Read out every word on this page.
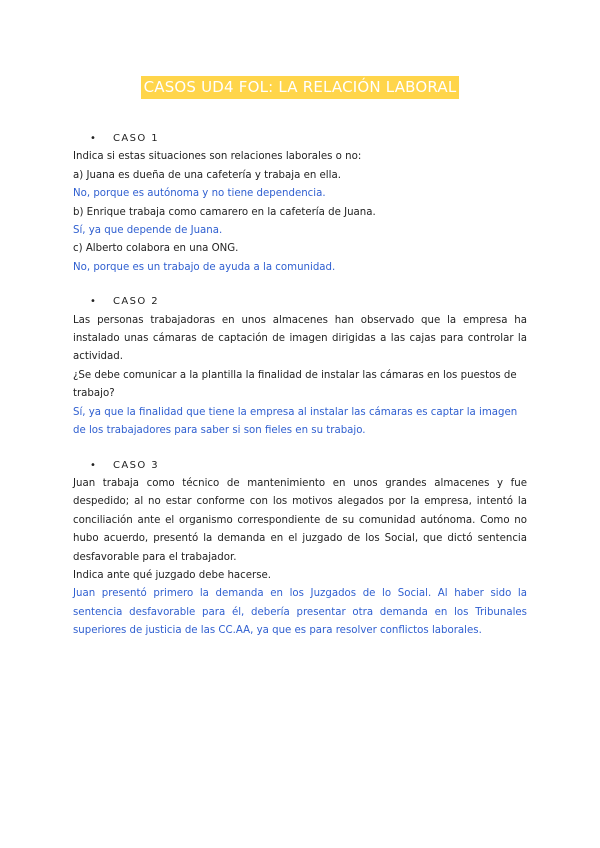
CASOS UD4 FOL: LA RELACIÓN LABORAL

• CASO 1

Indica si estas situaciones son relaciones laborales o no:

a) Juana es dueña de una cafetería y trabaja en ella.

No, porque es autónoma y no tiene dependencia.

b) Enrique trabaja como camarero en la cafetería de Juana.

Sí, ya que depende de Juana.

c) Alberto colabora en una ONG.

No, porque es un trabajo de ayuda a la comunidad.

• CASO 2

Las personas trabajadoras en unos almacenes han observado que la empresa ha instalado unas cámaras de captación de imagen dirigidas a las cajas para controlar la actividad.

¿Se debe comunicar a la plantilla la finalidad de instalar las cámaras en los puestos de trabajo?

Sí, ya que la finalidad que tiene la empresa al instalar las cámaras es captar la imagen de los trabajadores para saber si son fieles en su trabajo.

• CASO 3

Juan trabaja como técnico de mantenimiento en unos grandes almacenes y fue despedido; al no estar conforme con los motivos alegados por la empresa, intentó la conciliación ante el organismo correspondiente de su comunidad autónoma. Como no hubo acuerdo, presentó la demanda en el juzgado de los Social, que dictó sentencia desfavorable para el trabajador.

Indica ante qué juzgado debe hacerse.

Juan presentó primero la demanda en los Juzgados de lo Social. Al haber sido la sentencia desfavorable para él, debería presentar otra demanda en los Tribunales superiores de justicia de las CC.AA, ya que es para resolver conflictos laborales.
